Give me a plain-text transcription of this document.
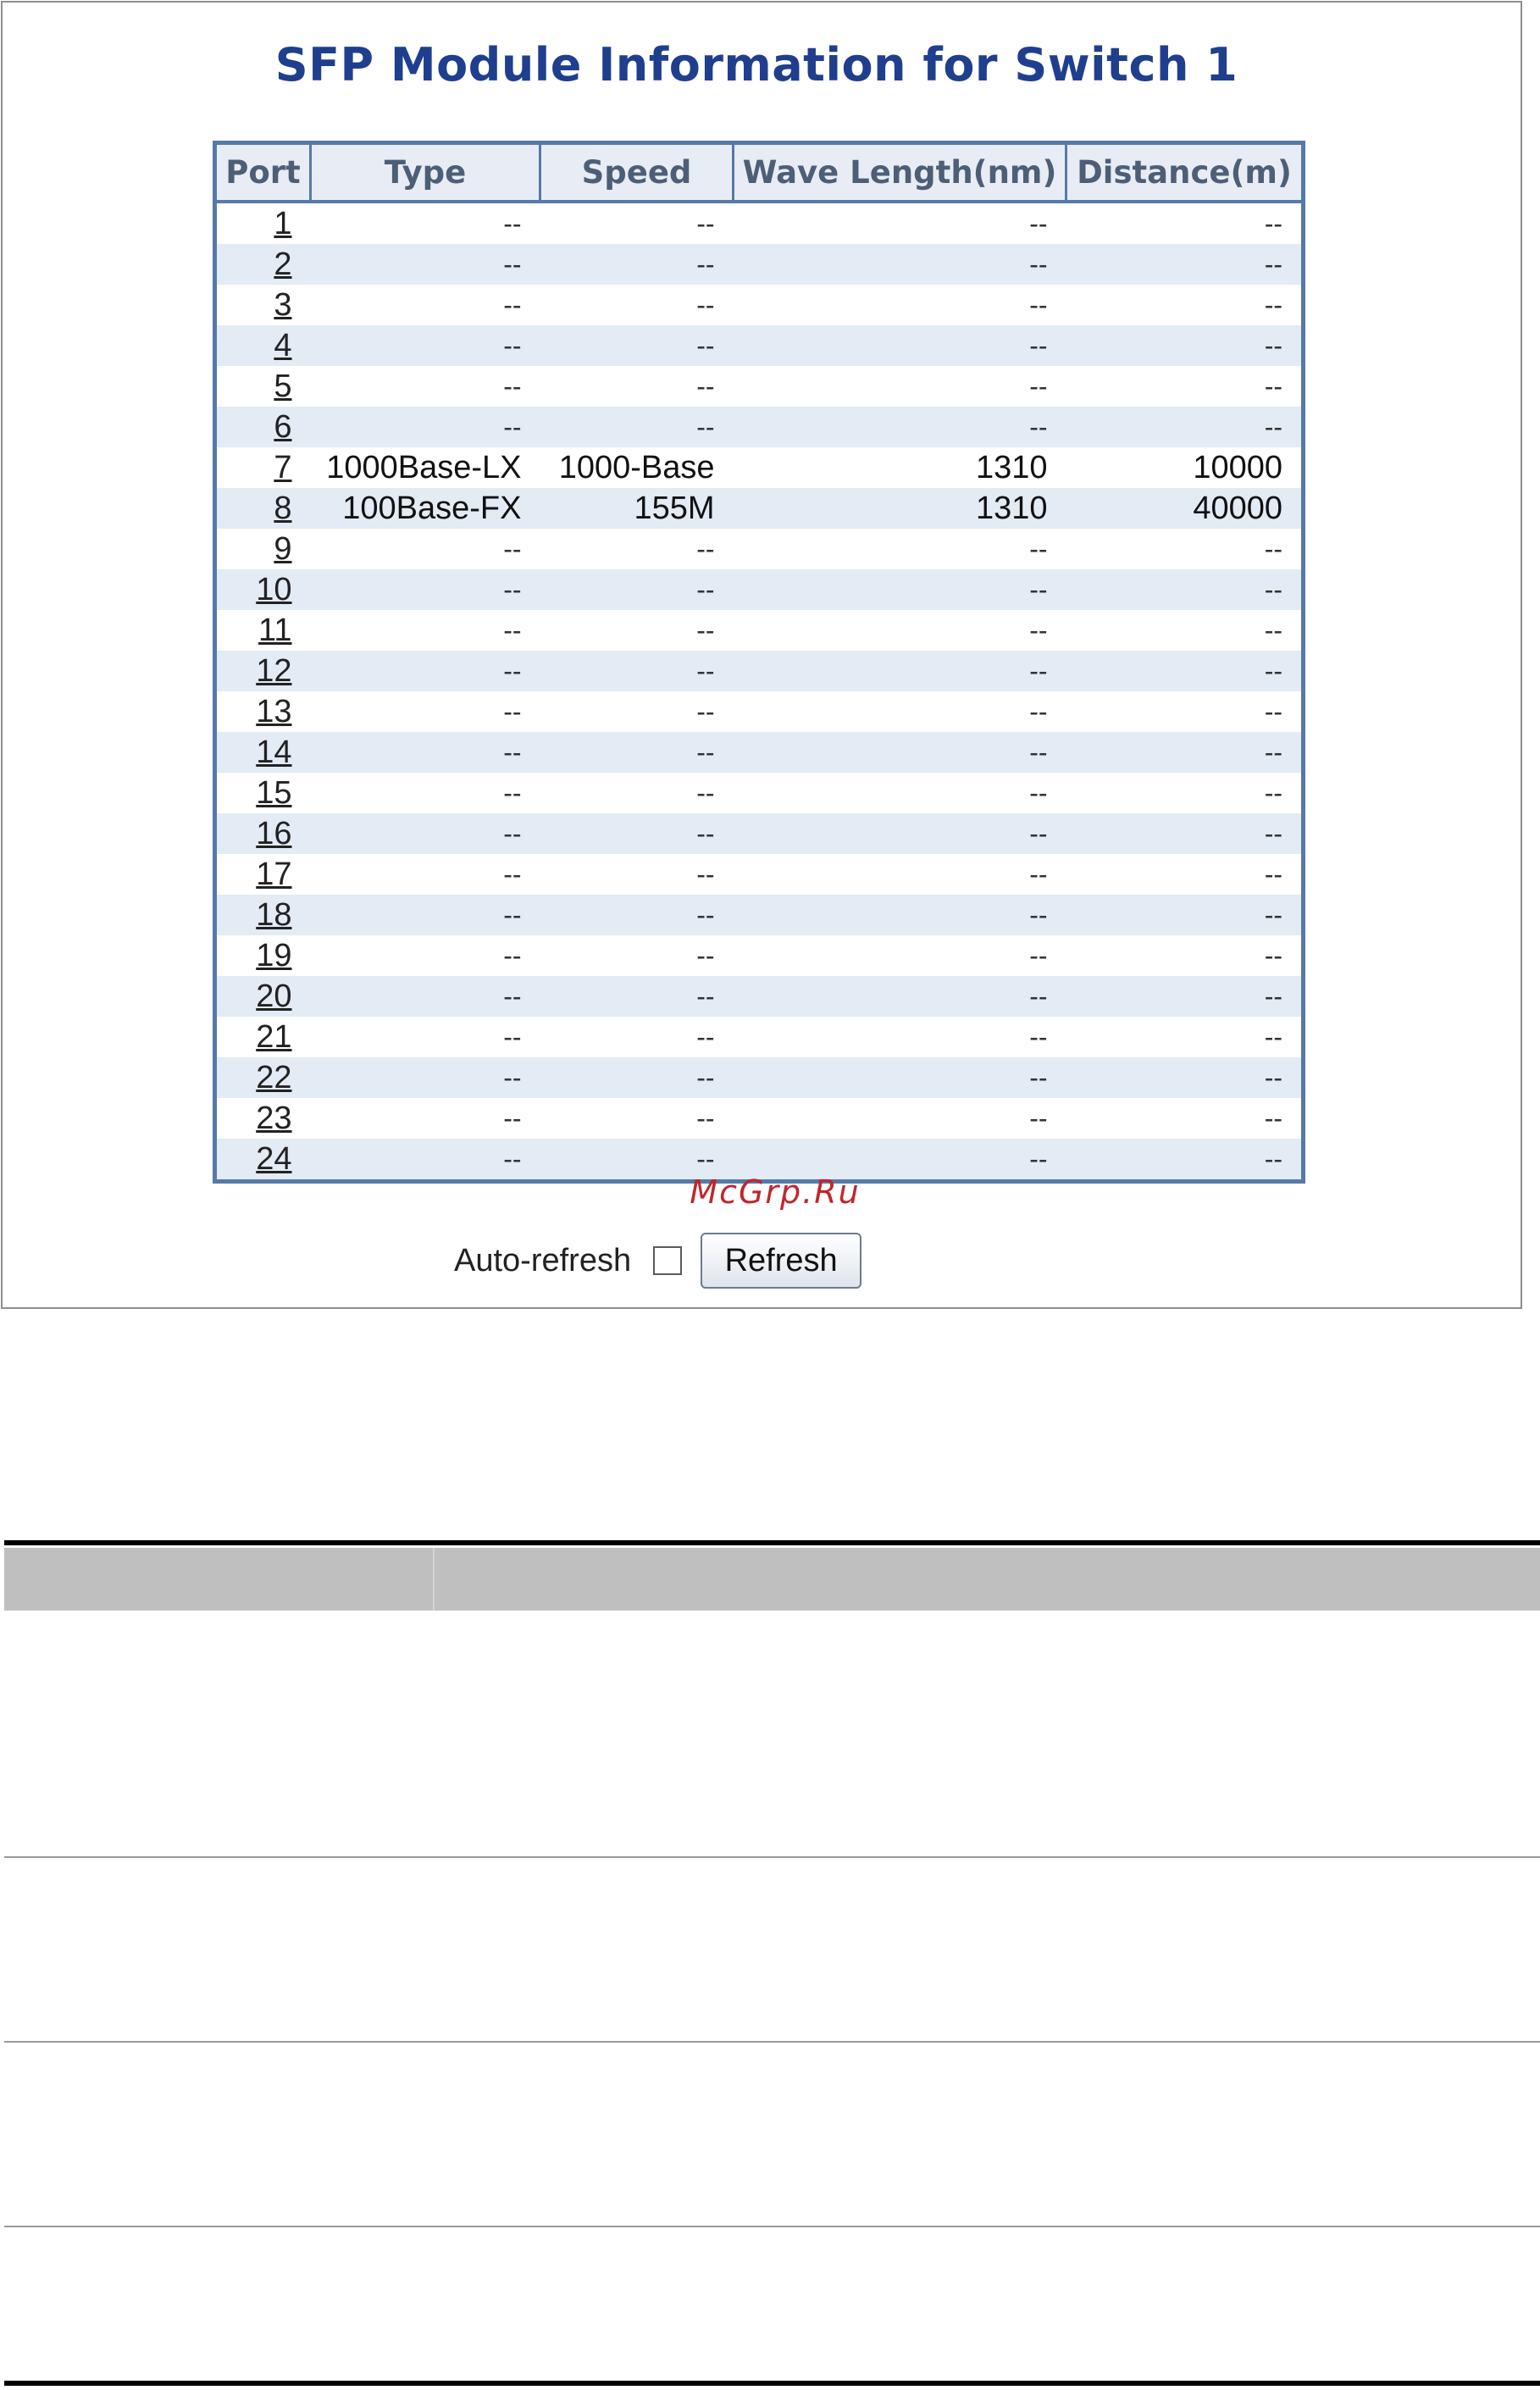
SFP Module Information for Switch 1
Port	Type	Speed	Wave Length(nm)	Distance(m)
1	--	--	--	--
2	--	--	--	--
3	--	--	--	--
4	--	--	--	--
5	--	--	--	--
6	--	--	--	--
7	1000Base-LX	1000-Base	1310	10000
8	100Base-FX	155M	1310	40000
9	--	--	--	--
10	--	--	--	--
11	--	--	--	--
12	--	--	--	--
13	--	--	--	--
14	--	--	--	--
15	--	--	--	--
16	--	--	--	--
17	--	--	--	--
18	--	--	--	--
19	--	--	--	--
20	--	--	--	--
21	--	--	--	--
22	--	--	--	--
23	--	--	--	--
24	--	--	--	--
McGrp.Ru
Auto-refresh	Refresh
